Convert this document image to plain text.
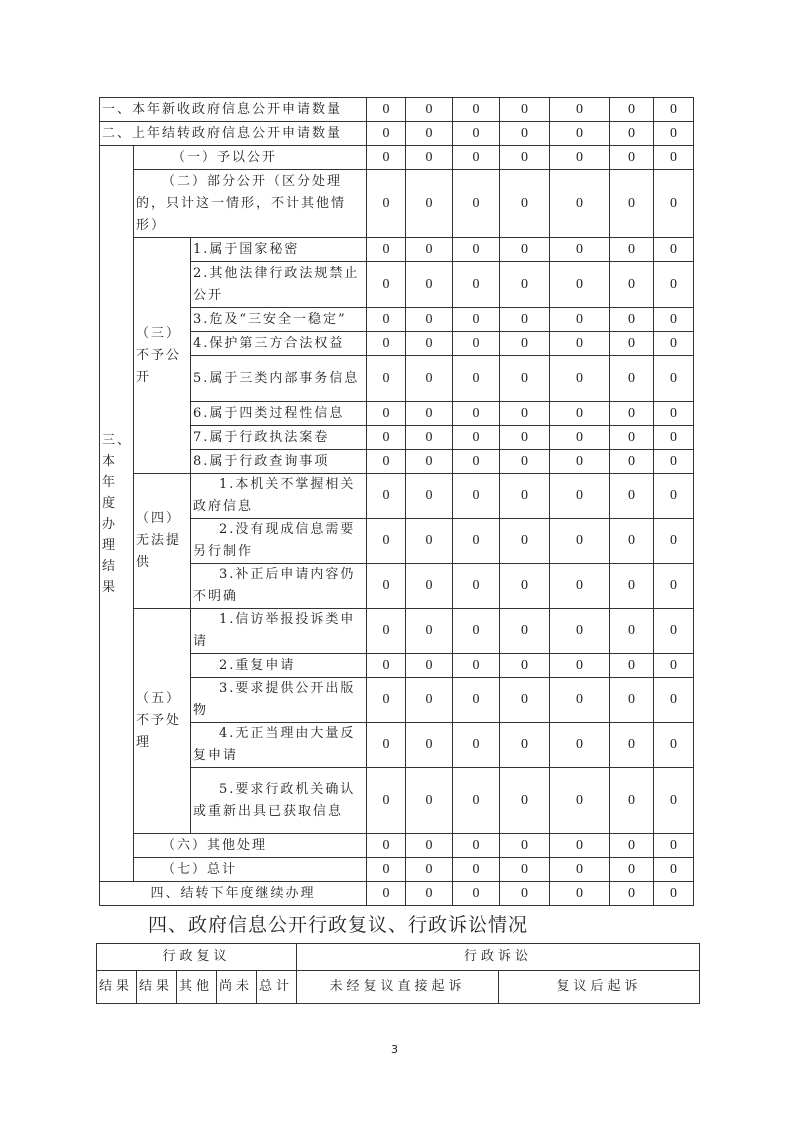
一、本年新收政府信息公开申请数量			0	0	0	0	0	0	0
二、上年结转政府信息公开申请数量			0	0	0	0	0	0	0
三、本年度办理结果	（一）予以公开		0	0	0	0	0	0	0
	（二）部分公开（区分处理的，只计这一情形，不计其他情形）		0	0	0	0	0	0	0
	（三）不予公开	1.属于国家秘密	0	0	0	0	0	0	0
		2.其他法律行政法规禁止公开	0	0	0	0	0	0	0
		3.危及“三安全一稳定”	0	0	0	0	0	0	0
		4.保护第三方合法权益	0	0	0	0	0	0	0
		5.属于三类内部事务信息	0	0	0	0	0	0	0
		6.属于四类过程性信息	0	0	0	0	0	0	0
		7.属于行政执法案卷	0	0	0	0	0	0	0
		8.属于行政查询事项	0	0	0	0	0	0	0
	（四）无法提供	1.本机关不掌握相关政府信息	0	0	0	0	0	0	0
		2.没有现成信息需要另行制作	0	0	0	0	0	0	0
		3.补正后申请内容仍不明确	0	0	0	0	0	0	0
	（五）不予处理	1.信访举报投诉类申请	0	0	0	0	0	0	0
		2.重复申请	0	0	0	0	0	0	0
		3.要求提供公开出版物	0	0	0	0	0	0	0
		4.无正当理由大量反复申请	0	0	0	0	0	0	0
		5.要求行政机关确认或重新出具已获取信息	0	0	0	0	0	0	0
	（六）其他处理		0	0	0	0	0	0	0
	（七）总计		0	0	0	0	0	0	0
四、结转下年度继续办理			0	0	0	0	0	0	0
四、政府信息公开行政复议、行政诉讼情况
行政复议					行政诉讼	
结果	结果	其他	尚未	总计	未经复议直接起诉	复议后起诉
3
